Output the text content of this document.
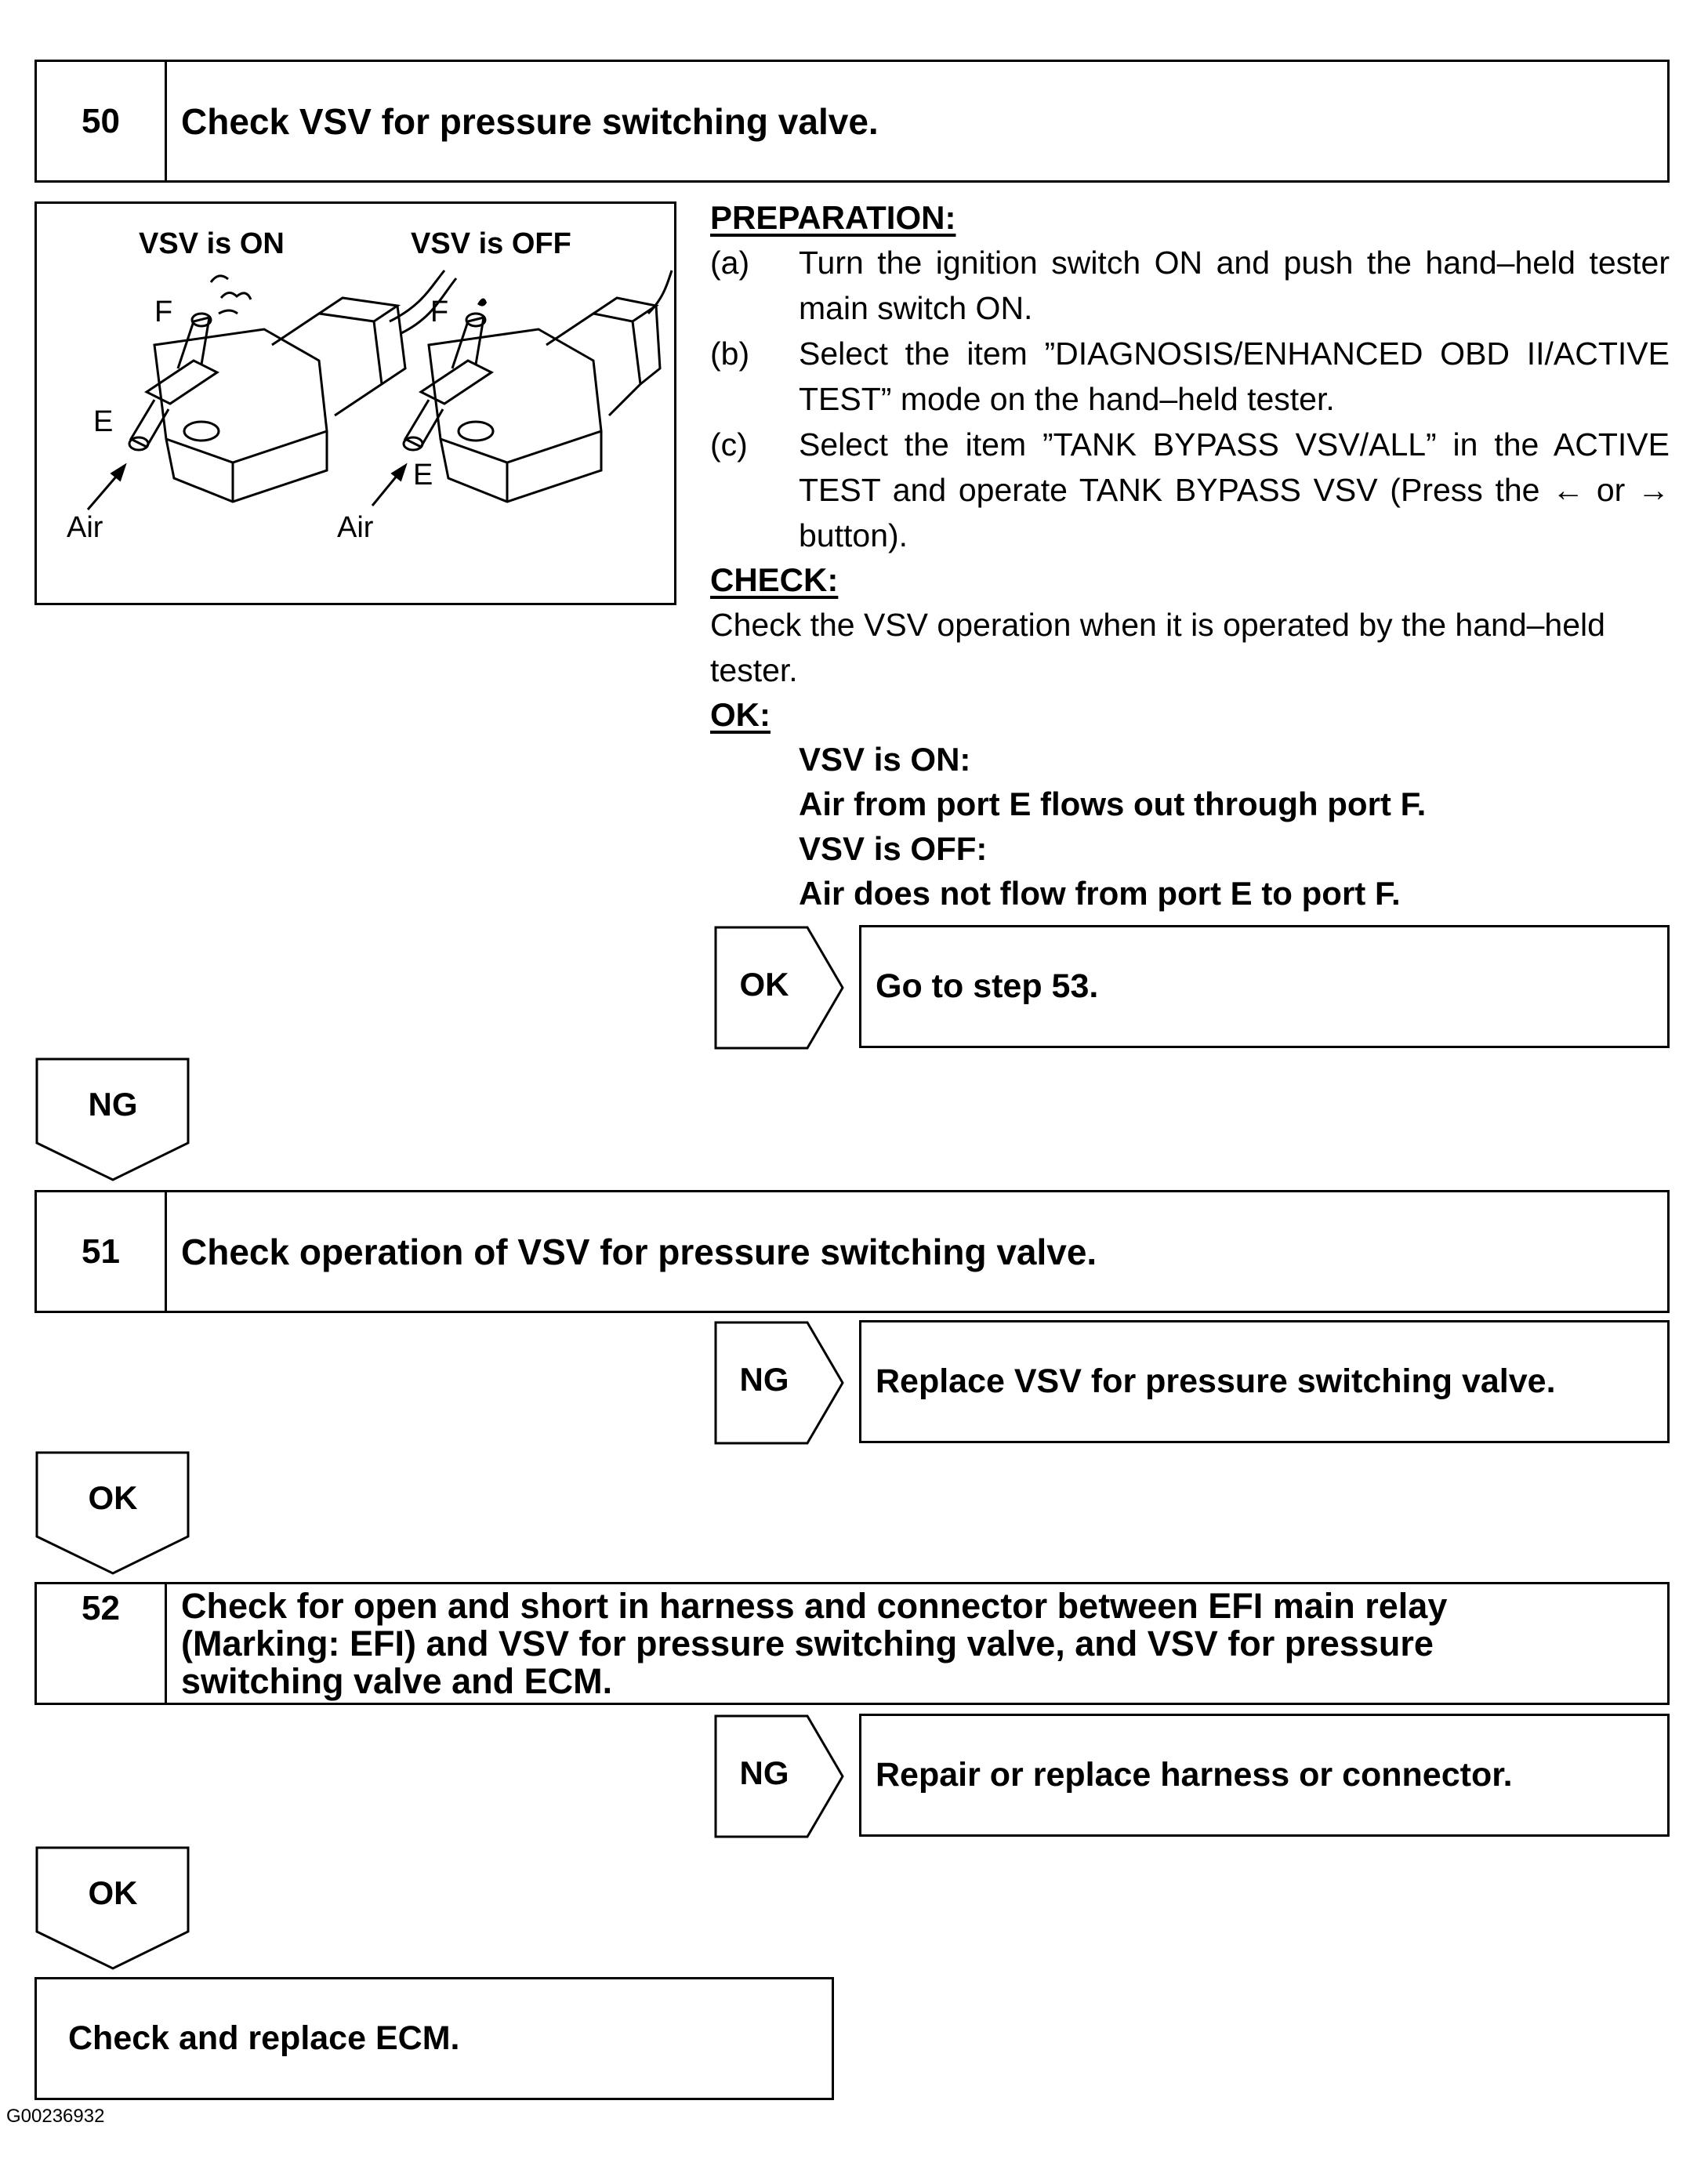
50	Check VSV for pressure switching valve.
VSV is ON	VSV is OFF
F
E
Air
F
E
Air
PREPARATION:
(a) Turn the ignition switch ON and push the hand–held tester main switch ON.
(b) Select the item ”DIAGNOSIS/ENHANCED OBD II/ACTIVE TEST” mode on the hand–held tester.
(c) Select the item ”TANK BYPASS VSV/ALL” in the ACTIVE TEST and operate TANK BYPASS VSV (Press the ← or → button).
CHECK:
Check the VSV operation when it is operated by the hand–held tester.
OK:
VSV is ON:
Air from port E flows out through port F.
VSV is OFF:
Air does not flow from port E to port F.
OK	Go to step 53.
NG
51	Check operation of VSV for pressure switching valve.
NG	Replace VSV for pressure switching valve.
OK
52	Check for open and short in harness and connector between EFI main relay
(Marking: EFI) and VSV for pressure switching valve, and VSV for pressure
switching valve and ECM.
NG	Repair or replace harness or connector.
OK
Check and replace ECM.
G00236932
